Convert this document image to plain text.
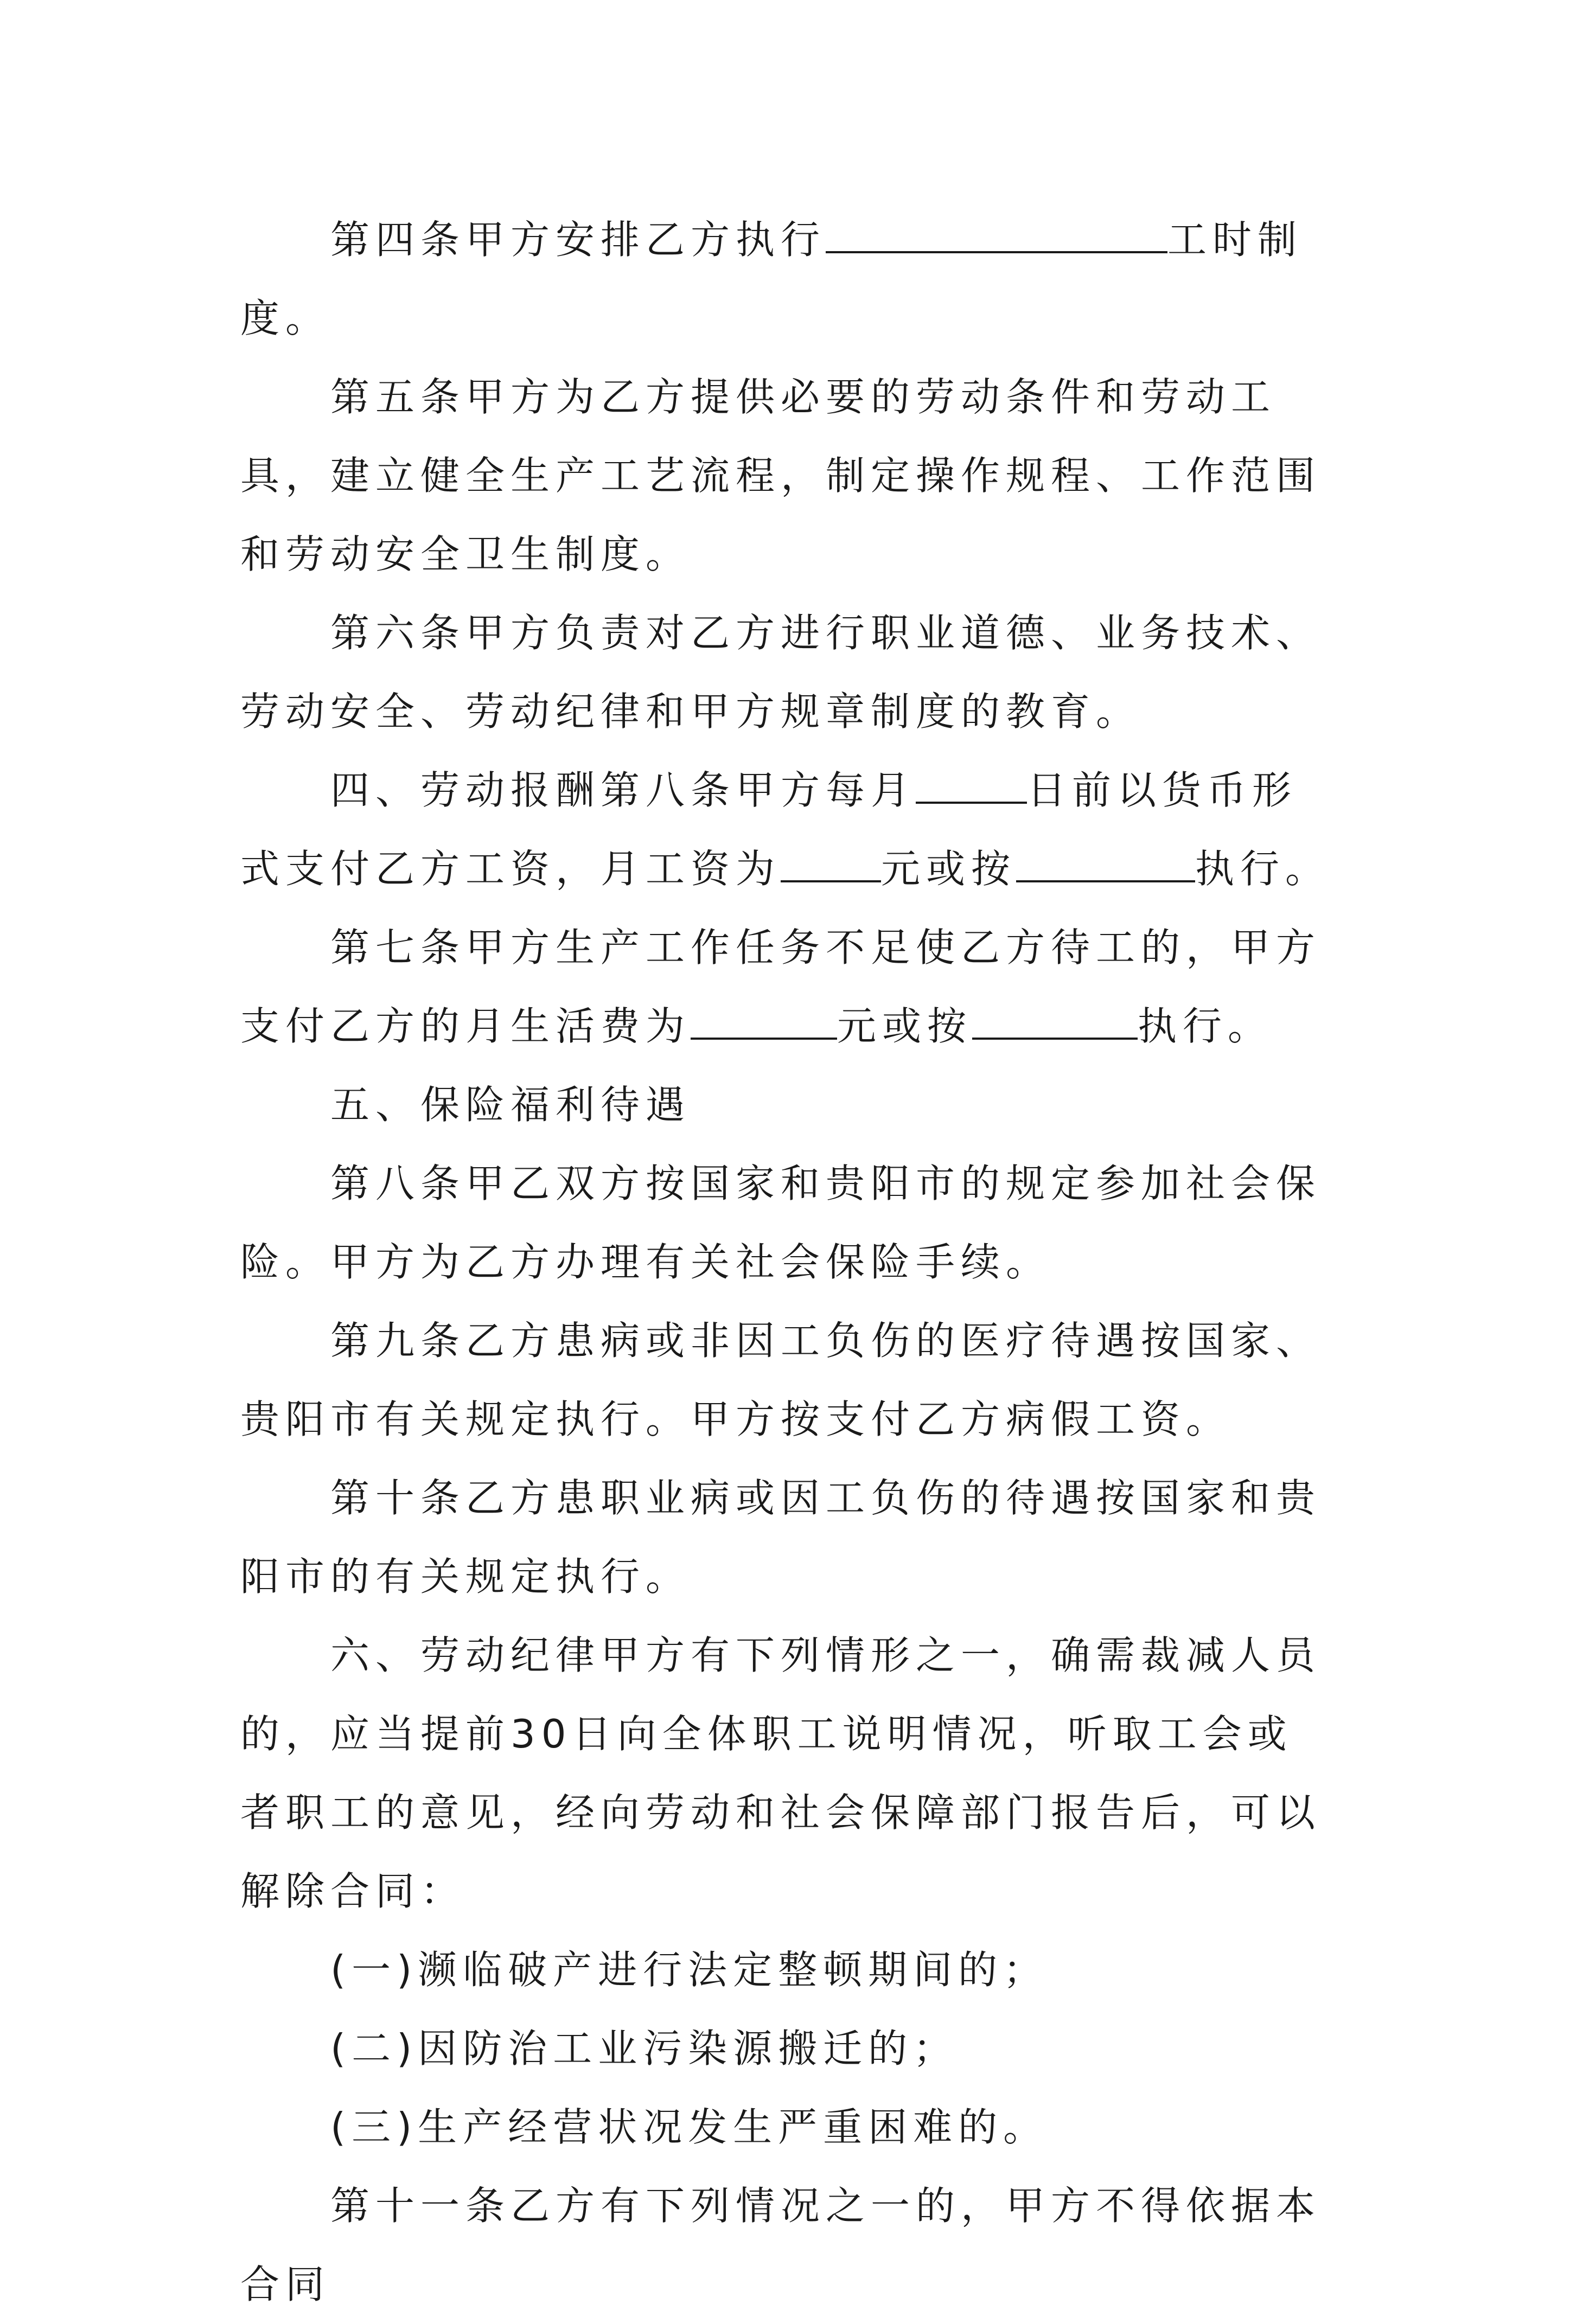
第四条甲方安排乙方执行	工时制度。

第五条甲方为乙方提供必要的劳动条件和劳动工具，建立健全生产工艺流程，制定操作规程、工作范围和劳动安全卫生制度。

第六条甲方负责对乙方进行职业道德、业务技术、劳动安全、劳动纪律和甲方规章制度的教育。

四、劳动报酬第八条甲方每月	日前以货币形式支付乙方工资，月工资为	元或按	执行。

第七条甲方生产工作任务不足使乙方待工的，甲方支付乙方的月生活费为	元或按	执行。

五、保险福利待遇

第八条甲乙双方按国家和贵阳市的规定参加社会保险。甲方为乙方办理有关社会保险手续。

第九条乙方患病或非因工负伤的医疗待遇按国家、贵阳市有关规定执行。甲方按支付乙方病假工资。

第十条乙方患职业病或因工负伤的待遇按国家和贵阳市的有关规定执行。

六、劳动纪律甲方有下列情形之一，确需裁减人员的，应当提前30日向全体职工说明情况，听取工会或者职工的意见，经向劳动和社会保障部门报告后，可以解除合同：

(一)濒临破产进行法定整顿期间的；

(二)因防治工业污染源搬迁的；

(三)生产经营状况发生严重困难的。

第十一条乙方有下列情况之一的，甲方不得依据本合同
